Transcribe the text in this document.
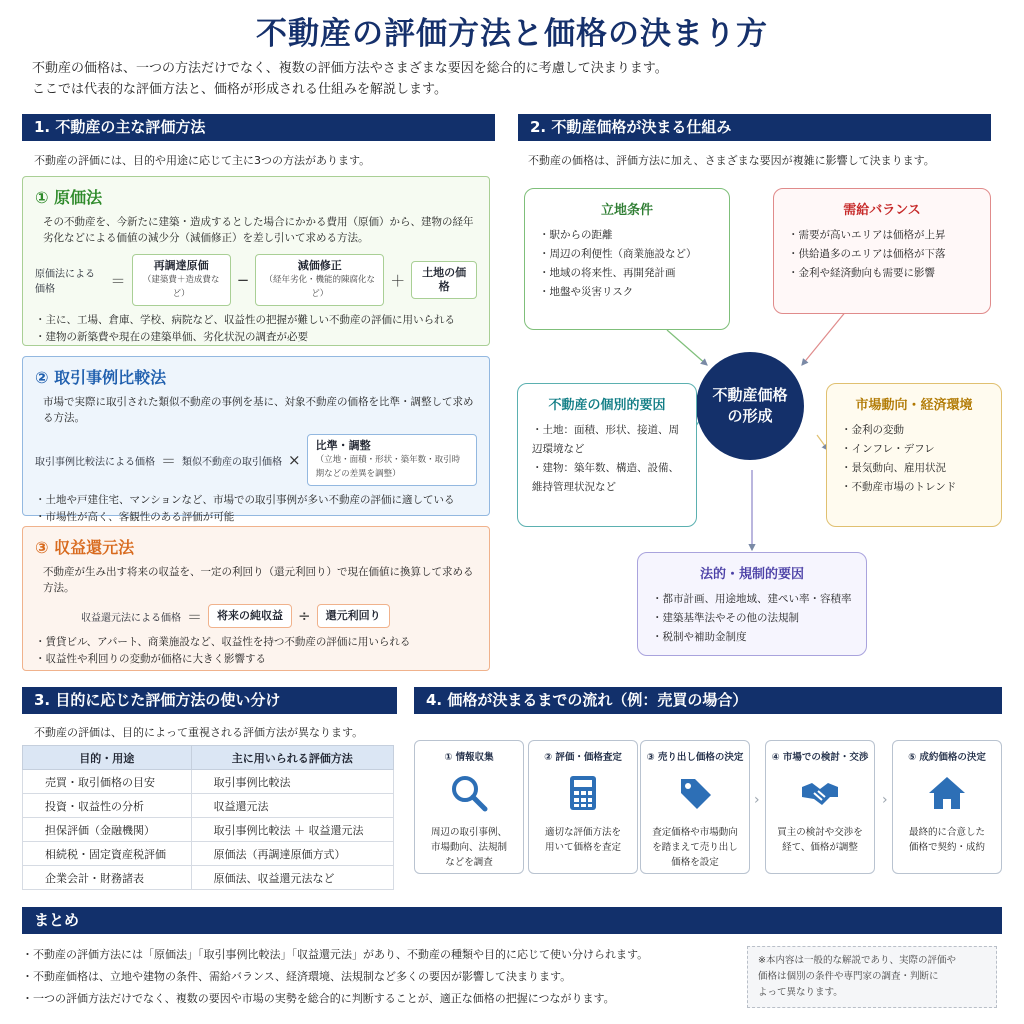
不動産の評価方法と価格の決まり方
不動産の価格は、一つの方法だけでなく、複数の評価方法やさまざまな要因を総合的に考慮して決まります。
ここでは代表的な評価方法と、価格が形成される仕組みを解説します。
1. 不動産の主な評価方法
不動産の評価には、目的や用途に応じて主に3つの方法があります。
① 原価法
その不動産を、今新たに建築・造成するとした場合にかかる費用（原価）から、建物の経年劣化などによる価値の減少分（減価修正）を差し引いて求める方法。
原価法による価格	＝
再調達原価
（建築費＋造成費など）
−
減価修正
（経年劣化・機能的陳腐化など）
＋	土地の価格
・主に、工場、倉庫、学校、病院など、収益性の把握が難しい不動産の評価に用いられる
・建物の新築費や現在の建築単価、劣化状況の調査が必要
② 取引事例比較法
市場で実際に取引された類似不動産の事例を基に、対象不動産の価格を比準・調整して求める方法。
取引事例比較法による価格 ＝ 類似不動産の取引価格 ×
比準・調整
（立地・面積・形状・築年数・取引時期などの差異を調整）
・土地や戸建住宅、マンションなど、市場での取引事例が多い不動産の評価に適している
・市場性が高く、客観性のある評価が可能
③ 収益還元法
不動産が生み出す将来の収益を、一定の利回り（還元利回り）で現在価値に換算して求める方法。
収益還元法による価格 ＝	将来の純収益	÷	還元利回り
・賃貸ビル、アパート、商業施設など、収益性を持つ不動産の評価に用いられる
・収益性や利回りの変動が価格に大きく影響する
2. 不動産価格が決まる仕組み
不動産の価格は、評価方法に加え、さまざまな要因が複雑に影響して決まります。
立地条件
・ 駅からの距離
・ 周辺の利便性（商業施設など）
・ 地域の将来性、再開発計画
・ 地盤や災害リスク
需給バランス
・ 需要が高いエリアは価格が上昇
・ 供給過多のエリアは価格が下落
・ 金利や経済動向も需要に影響
不動産価格
の形成
不動産の個別的要因
・ 土地：面積、形状、接道、周辺環境など
・ 建物：築年数、構造、設備、維持管理状況など
市場動向・経済環境
・ 金利の変動
・ インフレ・デフレ
・ 景気動向、雇用状況
・ 不動産市場のトレンド
法的・規制的要因
・ 都市計画、用途地域、建ぺい率・容積率
・ 建築基準法やその他の法規制
・ 税制や補助金制度
3. 目的に応じた評価方法の使い分け
不動産の評価は、目的によって重視される評価方法が異なります。
目的・用途	主に用いられる評価方法
売買・取引価格の目安	取引事例比較法
投資・収益性の分析	収益還元法
担保評価（金融機関）	取引事例比較法 ＋ 収益還元法
相続税・固定資産税評価	原価法（再調達原価方式）
企業会計・財務諸表	原価法、収益還元法など
4. 価格が決まるまでの流れ（例：売買の場合）
① 情報収集
周辺の取引事例、
市場動向、法規制
などを調査
② 評価・価格査定
適切な評価方法を
用いて価格を査定
③ 売り出し価格の決定
査定価格や市場動向
を踏まえて売り出し
価格を設定
›
④ 市場での検討・交渉
買主の検討や交渉を
経て、価格が調整
›
⑤ 成約価格の決定
最終的に合意した
価格で契約・成約
まとめ
・ 不動産の評価方法には「原価法」「取引事例比較法」「収益還元法」があり、不動産の種類や目的に応じて使い分けられます。
・ 不動産価格は、立地や建物の条件、需給バランス、経済環境、法規制など多くの要因が影響して決まります。
・ 一つの評価方法だけでなく、複数の要因や市場の実勢を総合的に判断することが、適正な価格の把握につながります。
※本内容は一般的な解説であり、実際の評価や
価格は個別の条件や専門家の調査・判断に
よって異なります。
